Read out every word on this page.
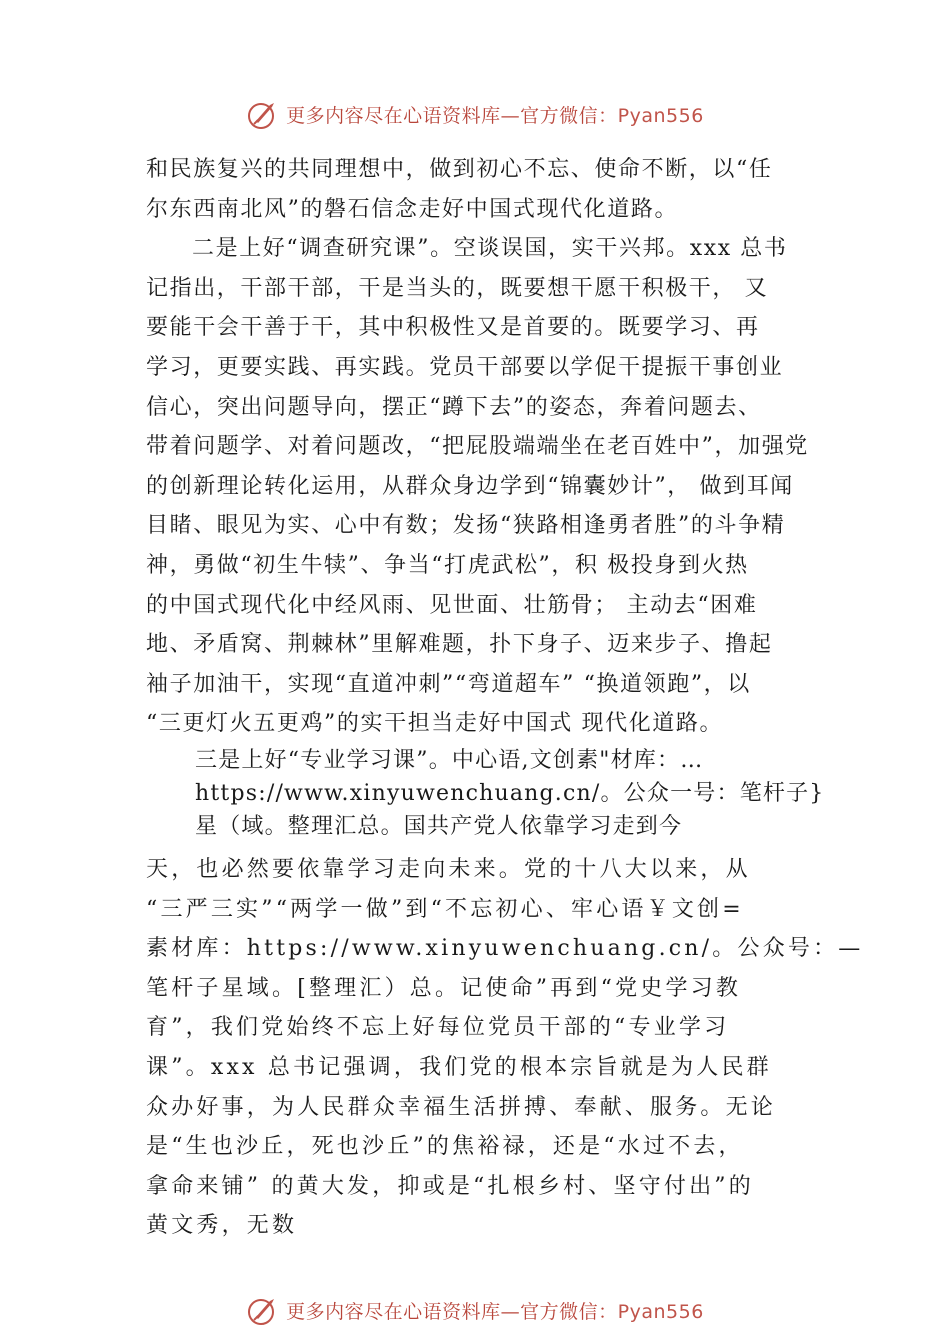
更多内容尽在心语资料库—官方微信：Pyan556
和民族复兴的共同理想中，做到初心不忘、使命不断，以“任
尔东西南北风”的磐石信念走好中国式现代化道路。
二是上好“调查研究课”。空谈误国，实干兴邦。xxx 总书
记指出，干部干部，干是当头的，既要想干愿干积极干， 又
要能干会干善于干，其中积极性又是首要的。既要学习、再
学习，更要实践、再实践。党员干部要以学促干提振干事创业
信心，突出问题导向，摆正“蹲下去”的姿态，奔着问题去、
带着问题学、对着问题改，“把屁股端端坐在老百姓中”，加强党
的创新理论转化运用，从群众身边学到“锦囊妙计”， 做到耳闻
目睹、眼见为实、心中有数；发扬“狭路相逢勇者胜”的斗争精
神，勇做“初生牛犊”、争当“打虎武松”，积 极投身到火热
的中国式现代化中经风雨、见世面、壮筋骨； 主动去“困难
地、矛盾窝、荆棘林”里解难题，扑下身子、迈来步子、撸起
袖子加油干，实现“直道冲刺”“弯道超车” “换道领跑”，以
“三更灯火五更鸡”的实干担当走好中国式 现代化道路。
三是上好“专业学习课”。中心语,文创素"材库：…
https://www.xinyuwenchuang.cn/。公众一号：笔杆子}
星（域。整理汇总。国共产党人依靠学习走到今
天，也必然要依靠学习走向未来。党的十八大以来，从
“三严三实”“两学一做”到“不忘初心、牢心语￥文创=
素材库：https://www.xinyuwenchuang.cn/。公众号：—
笔杆子星域。[整理汇）总。记使命”再到“党史学习教
育”，我们党始终不忘上好每位党员干部的“专业学习
课”。xxx 总书记强调，我们党的根本宗旨就是为人民群
众办好事，为人民群众幸福生活拼搏、奉献、服务。无论
是“生也沙丘，死也沙丘”的焦裕禄，还是“水过不去，
拿命来铺” 的黄大发，抑或是“扎根乡村、坚守付出”的
黄文秀，无数
更多内容尽在心语资料库—官方微信：Pyan556
